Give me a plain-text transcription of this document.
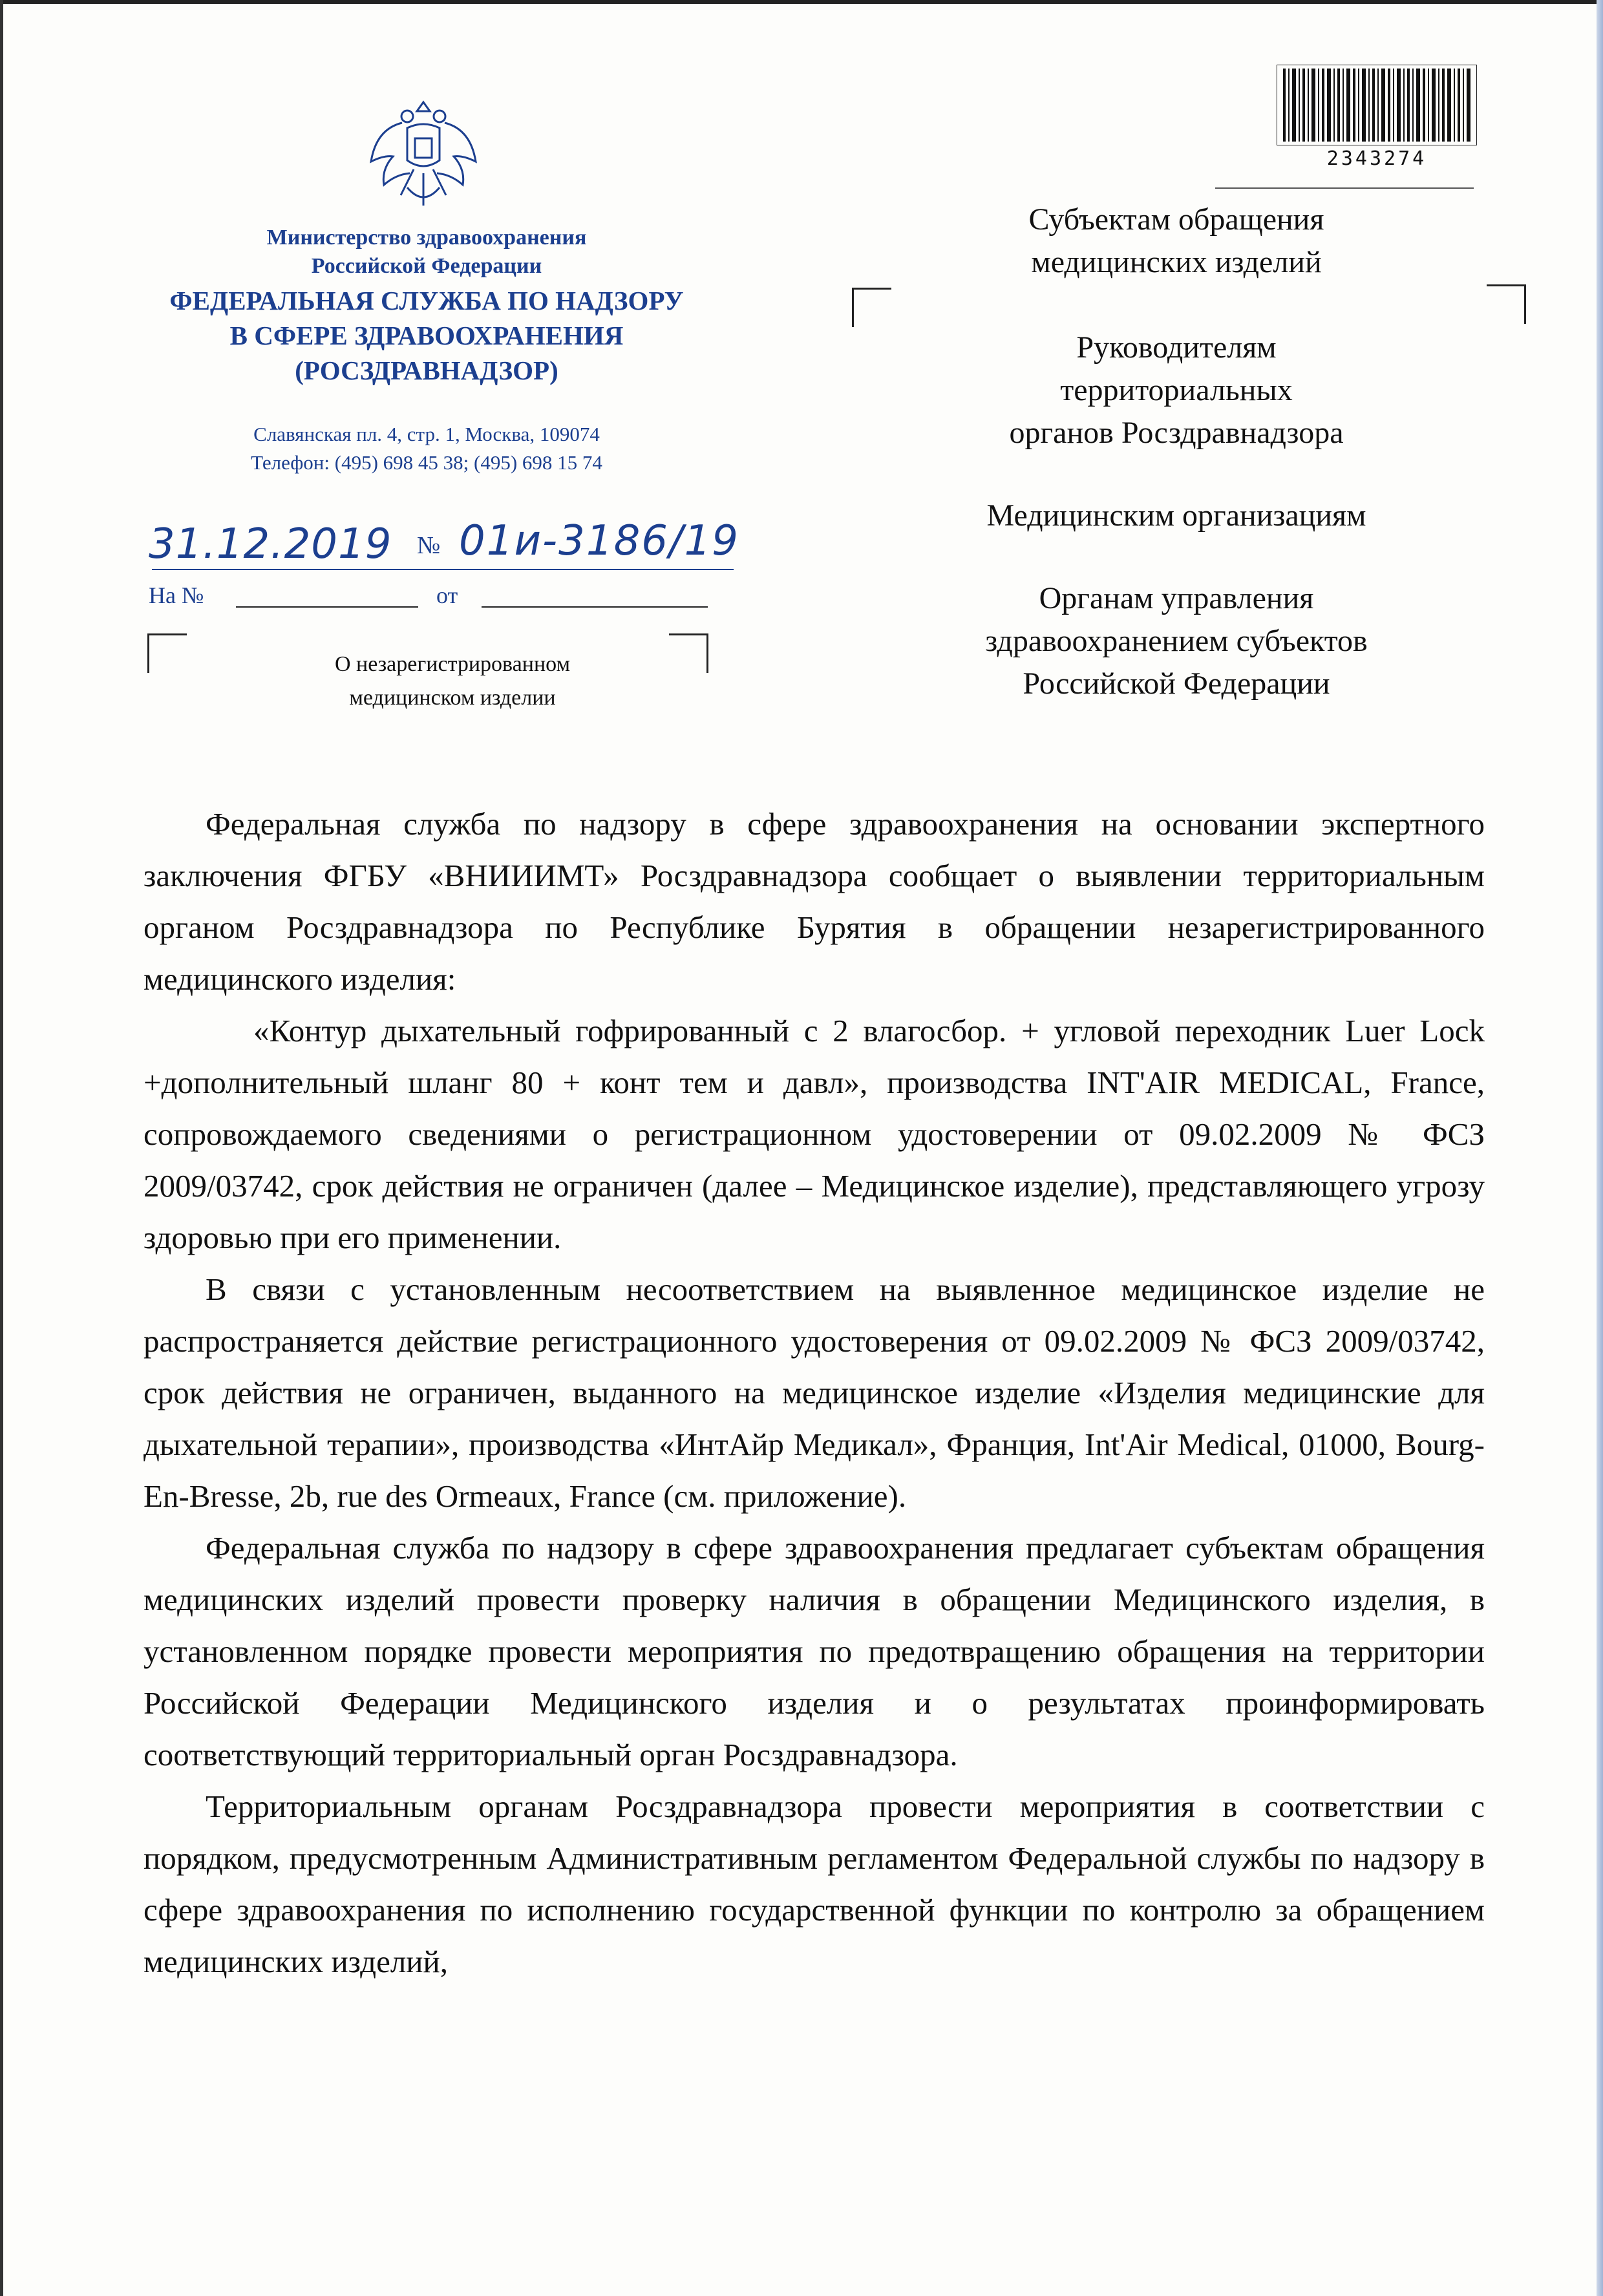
Министерство здравоохранения
Российской Федерации
ФЕДЕРАЛЬНАЯ СЛУЖБА ПО НАДЗОРУ
В СФЕРЕ ЗДРАВООХРАНЕНИЯ
(РОСЗДРАВНАДЗОР)
Славянская пл. 4, стр. 1, Москва, 109074
Телефон: (495) 698 45 38; (495) 698 15 74
31.12.2019 № 01и-3186/19
На №	от
О незарегистрированном
медицинском изделии
2343274
Субъектам обращения
медицинских изделий
Руководителям
территориальных
органов Росздравнадзора
Медицинским организациям
Органам управления
здравоохранением субъектов
Российской Федерации

Федеральная служба по надзору в сфере здравоохранения на основании экспертного заключения ФГБУ «ВНИИИМТ» Росздравнадзора сообщает о выявлении территориальным органом Росздравнадзора по Республике Бурятия в обращении незарегистрированного медицинского изделия:

«Контур дыхательный гофрированный с 2 влагосбор. + угловой переходник Luer Lock +дополнительный шланг 80 + конт тем и давл», производства INT'AIR MEDICAL, France, сопровождаемого сведениями о регистрационном удостоверении от 09.02.2009 № ФСЗ 2009/03742, срок действия не ограничен (далее – Медицинское изделие), представляющего угрозу здоровью при его применении.

В связи с установленным несоответствием на выявленное медицинское изделие не распространяется действие регистрационного удостоверения от 09.02.2009 № ФСЗ 2009/03742, срок действия не ограничен, выданного на медицинское изделие «Изделия медицинские для дыхательной терапии», производства «ИнтАйр Медикал», Франция, Int'Air Medical, 01000, Bourg-En-Bresse, 2b, rue des Ormeaux, France (см. приложение).

Федеральная служба по надзору в сфере здравоохранения предлагает субъектам обращения медицинских изделий провести проверку наличия в обращении Медицинского изделия, в установленном порядке провести мероприятия по предотвращению обращения на территории Российской Федерации Медицинского изделия и о результатах проинформировать соответствующий территориальный орган Росздравнадзора.

Территориальным органам Росздравнадзора провести мероприятия в соответствии с порядком, предусмотренным Административным регламентом Федеральной службы по надзору в сфере здравоохранения по исполнению государственной функции по контролю за обращением медицинских изделий,
